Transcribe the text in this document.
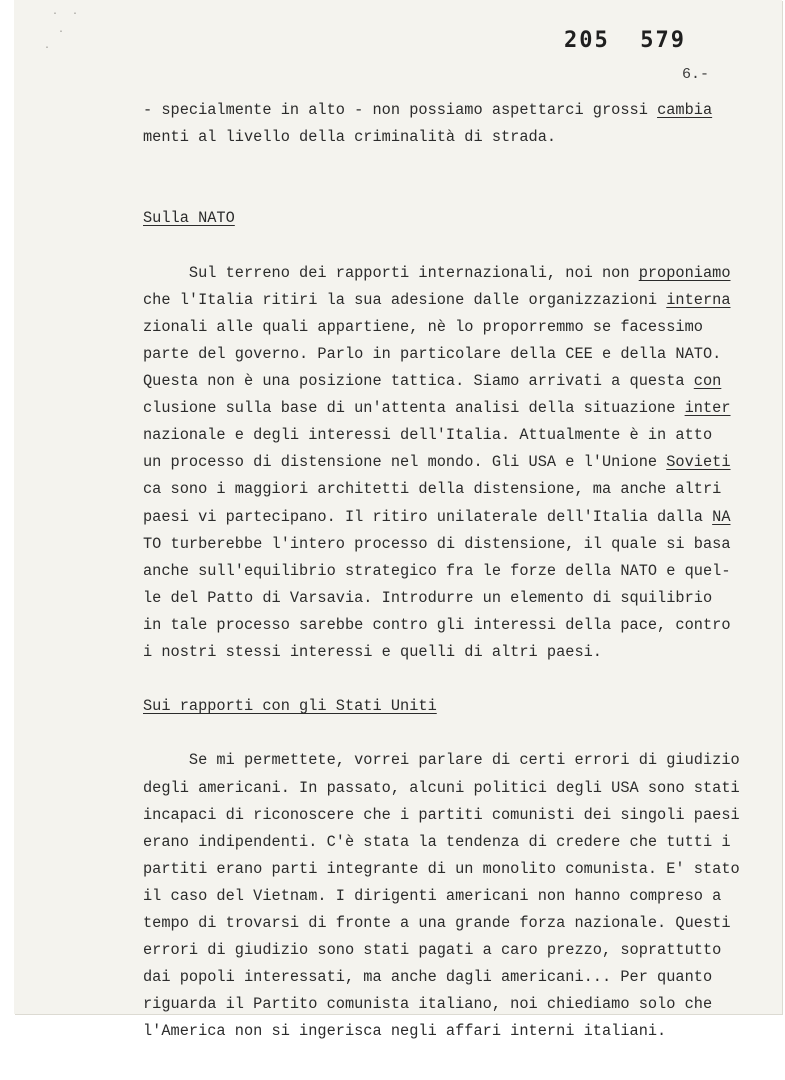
.
·
·
·
205  579
6.-
- specialmente in alto - non possiamo aspettarci grossi cambia
menti al livello della criminalità di strada.
Sulla NATO
Sul terreno dei rapporti internazionali, noi non proponiamo
che l'Italia ritiri la sua adesione dalle organizzazioni interna
zionali alle quali appartiene, nè lo proporremmo se facessimo
parte del governo. Parlo in particolare della CEE e della NATO.
Questa non è una posizione tattica. Siamo arrivati a questa con
clusione sulla base di un'attenta analisi della situazione inter
nazionale e degli interessi dell'Italia. Attualmente è in atto
un processo di distensione nel mondo. Gli USA e l'Unione Sovieti
ca sono i maggiori architetti della distensione, ma anche altri
paesi vi partecipano. Il ritiro unilaterale dell'Italia dalla NA
TO turberebbe l'intero processo di distensione, il quale si basa
anche sull'equilibrio strategico fra le forze della NATO e quel-
le del Patto di Varsavia. Introdurre un elemento di squilibrio
in tale processo sarebbe contro gli interessi della pace, contro
i nostri stessi interessi e quelli di altri paesi.
Sui rapporti con gli Stati Uniti
Se mi permettete, vorrei parlare di certi errori di giudizio
degli americani. In passato, alcuni politici degli USA sono stati
incapaci di riconoscere che i partiti comunisti dei singoli paesi
erano indipendenti. C'è stata la tendenza di credere che tutti i
partiti erano parti integrante di un monolito comunista. E' stato
il caso del Vietnam. I dirigenti americani non hanno compreso a
tempo di trovarsi di fronte a una grande forza nazionale. Questi
errori di giudizio sono stati pagati a caro prezzo, soprattutto
dai popoli interessati, ma anche dagli americani... Per quanto
riguarda il Partito comunista italiano, noi chiediamo solo che
l'America non si ingerisca negli affari interni italiani.
